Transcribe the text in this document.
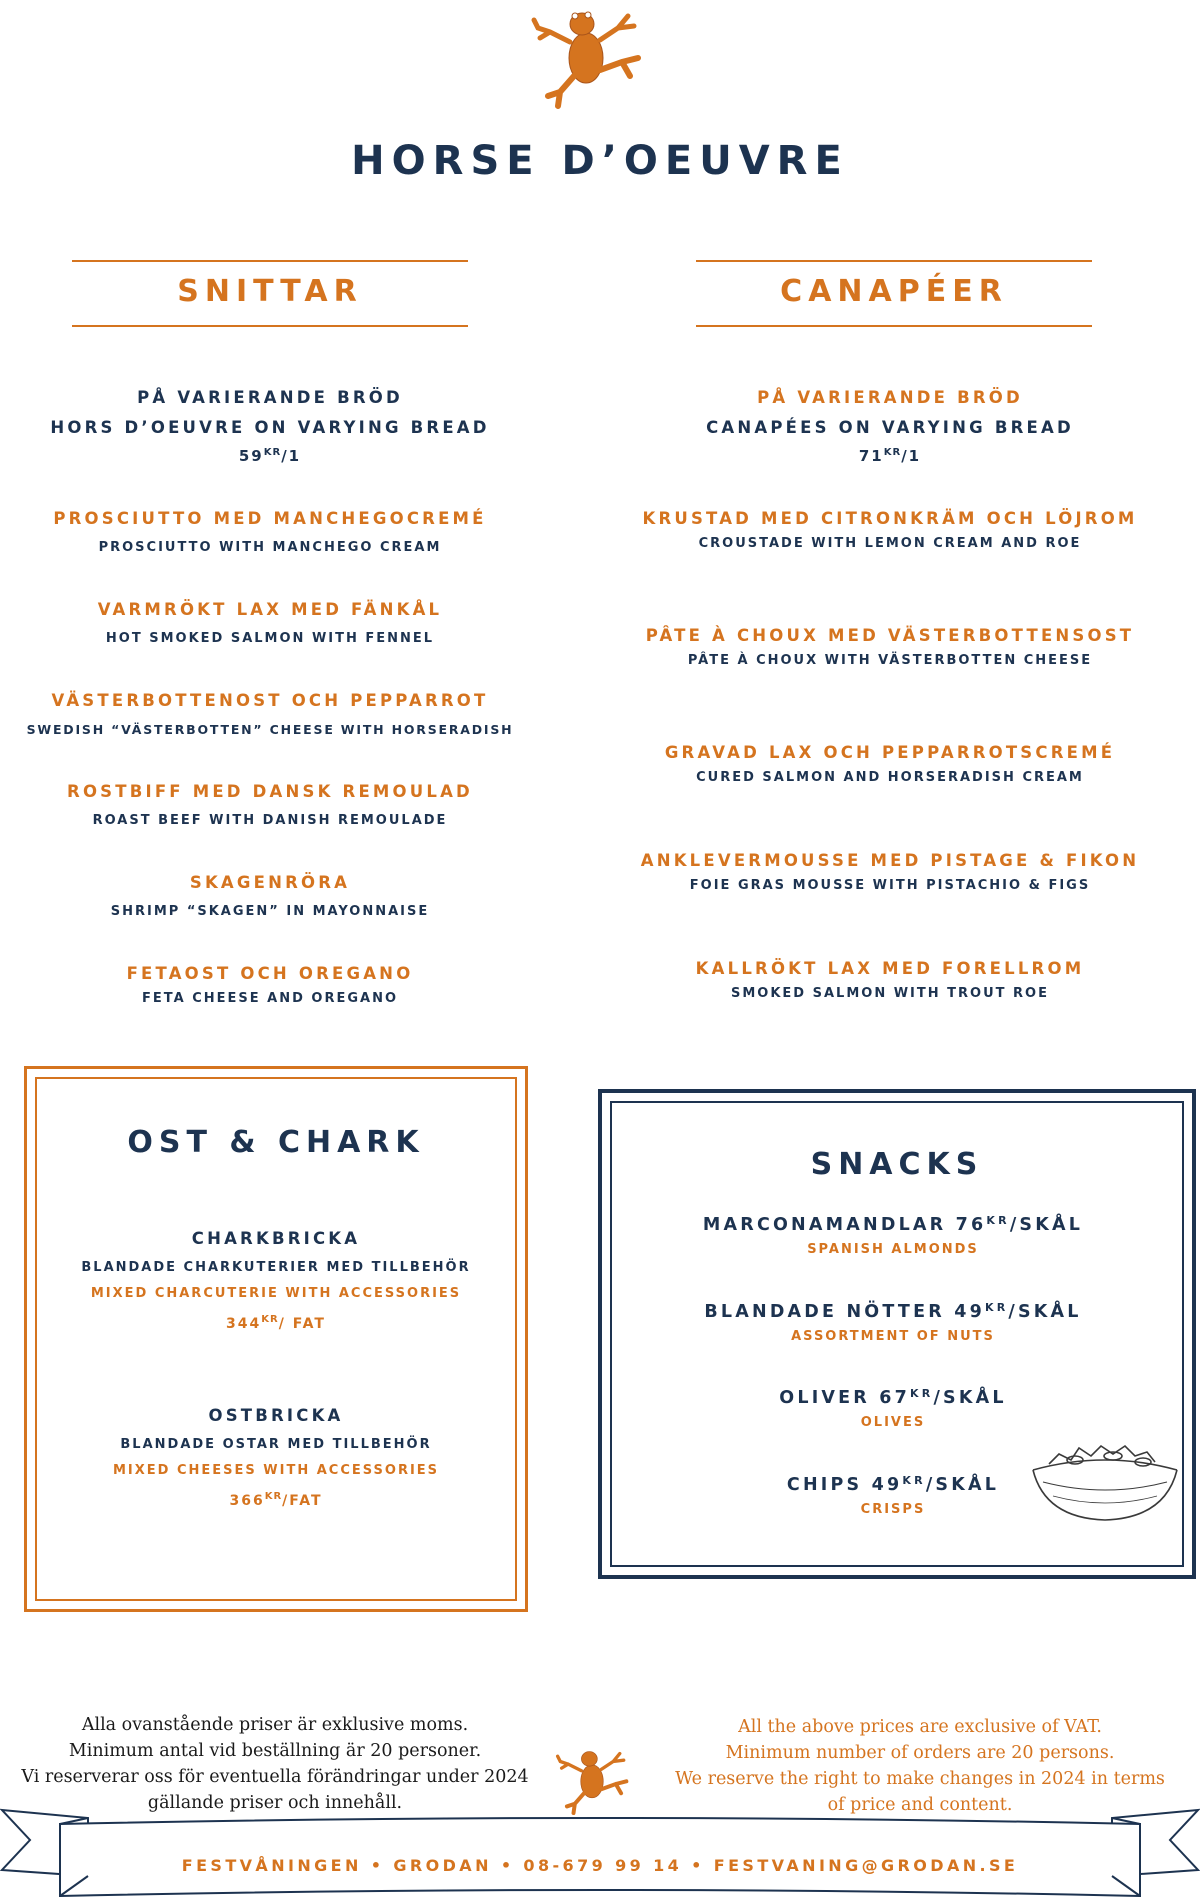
HORSE D’OEUVRE
SNITTAR
PÅ VARIERANDE BRÖD
HORS D’OEUVRE ON VARYING BREAD
$59^{KR}/1$
PROSCIUTTO MED MANCHEGOCREMÉ
PROSCIUTTO WITH MANCHEGO CREAM
VARMRÖKT LAX MED FÄNKÅL
HOT SMOKED SALMON WITH FENNEL
VÄSTERBOTTENOST OCH PEPPARROT
SWEDISH “VÄSTERBOTTEN” CHEESE WITH HORSERADISH
ROSTBIFF MED DANSK REMOULAD
ROAST BEEF WITH DANISH REMOULADE
SKAGENRÖRA
SHRIMP “SKAGEN” IN MAYONNAISE
FETAOST OCH OREGANO
FETA CHEESE AND OREGANO
CANAPÉER
PÅ VARIERANDE BRÖD
CANAPÉES ON VARYING BREAD
$71^{KR}/1$
KRUSTAD MED CITRONKRÄM OCH LÖJROM
CROUSTADE WITH LEMON CREAM AND ROE
PÂTE À CHOUX MED VÄSTERBOTTENSOST
PÂTE À CHOUX WITH VÄSTERBOTTEN CHEESE
GRAVAD LAX OCH PEPPARROTSCREMÉ
CURED SALMON AND HORSERADISH CREAM
ANKLEVERMOUSSE MED PISTAGE & FIKON
FOIE GRAS MOUSSE WITH PISTACHIO & FIGS
KALLRÖKT LAX MED FORELLROM
SMOKED SALMON WITH TROUT ROE
OST & CHARK
CHARKBRICKA
BLANDADE CHARKUTERIER MED TILLBEHÖR
MIXED CHARCUTERIE WITH ACCESSORIES
$344^{KR}/$ FAT
OSTBRICKA
BLANDADE OSTAR MED TILLBEHÖR
MIXED CHEESES WITH ACCESSORIES
$366^{KR}$/FAT
SNACKS
MARCONAMANDLAR $76^{KR}$/SKÅL
SPANISH ALMONDS
BLANDADE NÖTTER $49^{KR}$/SKÅL
ASSORTMENT OF NUTS
OLIVER $67^{KR}$/SKÅL
OLIVES
CHIPS $49^{KR}$/SKÅL
CRISPS
Alla ovanstående priser är exklusive moms.
Minimum antal vid beställning är 20 personer.
Vi reserverar oss för eventuella förändringar under 2024
gällande priser och innehåll.
All the above prices are exclusive of VAT.
Minimum number of orders are 20 persons.
We reserve the right to make changes in 2024 in terms
of price and content.
FESTVÅNINGEN • GRODAN • 08-679 99 14 • FESTVANING@GRODAN.SE
